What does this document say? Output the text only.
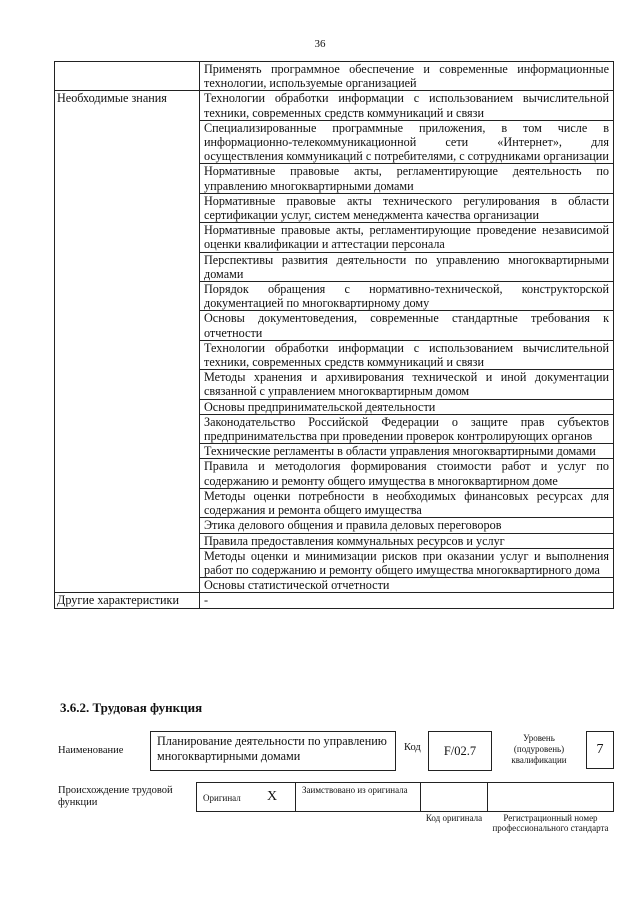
36
	Применять программное обеспечение и современные информационные технологии, используемые организацией
Необходимые знания	Технологии обработки информации с использованием вычислительной техники, современных средств коммуникаций и связи
	Специализированные программные приложения, в том числе в информационно-телекоммуникационной сети «Интернет», для осуществления коммуникаций с потребителями, с сотрудниками организации
	Нормативные правовые акты, регламентирующие деятельность по управлению многоквартирными домами
	Нормативные правовые акты технического регулирования в области сертификации услуг, систем менеджмента качества организации
	Нормативные правовые акты, регламентирующие проведение независимой оценки квалификации и аттестации персонала
	Перспективы развития деятельности по управлению многоквартирными домами
	Порядок обращения с нормативно-технической, конструкторской документацией по многоквартирному дому
	Основы документоведения, современные стандартные требования к отчетности
	Технологии обработки информации с использованием вычислительной техники, современных средств коммуникаций и связи
	Методы хранения и архивирования технической и иной документации связанной с управлением многоквартирным домом
	Основы предпринимательской деятельности
	Законодательство Российской Федерации о защите прав субъектов предпринимательства при проведении проверок контролирующих органов
	Технические регламенты в области управления многоквартирными домами
	Правила и методология формирования стоимости работ и услуг по содержанию и ремонту общего имущества в многоквартирном доме
	Методы оценки потребности в необходимых финансовых ресурсах для содержания и ремонта общего имущества
	Этика делового общения и правила деловых переговоров
	Правила предоставления коммунальных ресурсов и услуг
	Методы оценки и минимизации рисков при оказании услуг и выполнения работ по содержанию и ремонту общего имущества многоквартирного дома
	Основы статистической отчетности
Другие характеристики	-
3.6.2. Трудовая функция
Наименование
Планирование деятельности по управлению многоквартирными домами
Код	F/02.7
Уровень (подуровень) квалификации
7
Происхождение трудовой функции	Оригинал X	Заимствовано из оригинала
Код оригинала	Регистрационный номер профессионального стандарта
